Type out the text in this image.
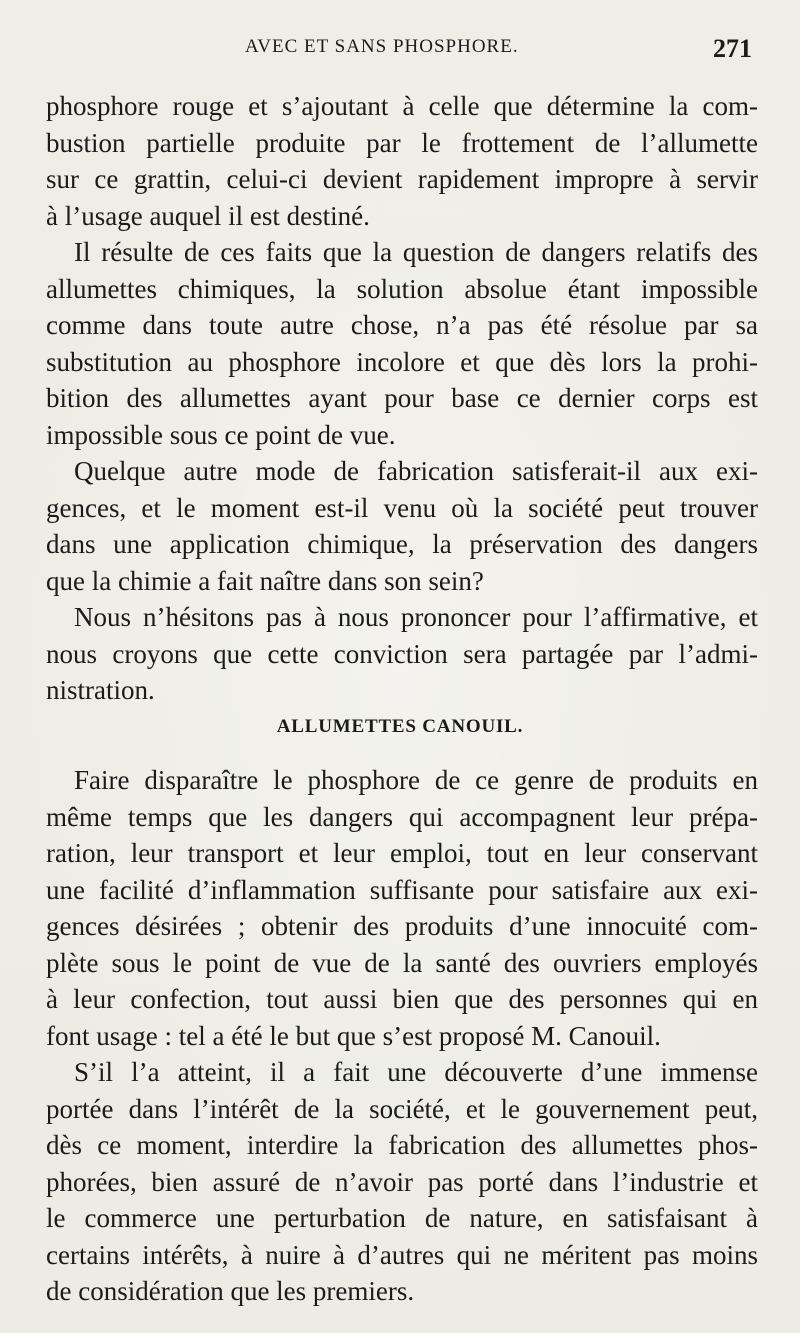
AVEC ET SANS PHOSPHORE.	271
phosphore rouge et s’ajoutant à celle que détermine la com-
bustion partielle produite par le frottement de l’allumette
sur ce grattin, celui-ci devient rapidement impropre à servir
à l’usage auquel il est destiné.
Il résulte de ces faits que la question de dangers relatifs des
allumettes chimiques, la solution absolue étant impossible
comme dans toute autre chose, n’a pas été résolue par sa
substitution au phosphore incolore et que dès lors la prohi-
bition des allumettes ayant pour base ce dernier corps est
impossible sous ce point de vue.
Quelque autre mode de fabrication satisferait-il aux exi-
gences, et le moment est-il venu où la société peut trouver
dans une application chimique, la préservation des dangers
que la chimie a fait naître dans son sein?
Nous n’hésitons pas à nous prononcer pour l’affirmative, et
nous croyons que cette conviction sera partagée par l’admi-
nistration.
ALLUMETTES CANOUIL.
Faire disparaître le phosphore de ce genre de produits en
même temps que les dangers qui accompagnent leur prépa-
ration, leur transport et leur emploi, tout en leur conservant
une facilité d’inflammation suffisante pour satisfaire aux exi-
gences désirées ; obtenir des produits d’une innocuité com-
plète sous le point de vue de la santé des ouvriers employés
à leur confection, tout aussi bien que des personnes qui en
font usage : tel a été le but que s’est proposé M. Canouil.
S’il l’a atteint, il a fait une découverte d’une immense
portée dans l’intérêt de la société, et le gouvernement peut,
dès ce moment, interdire la fabrication des allumettes phos-
phorées, bien assuré de n’avoir pas porté dans l’industrie et
le commerce une perturbation de nature, en satisfaisant à
certains intérêts, à nuire à d’autres qui ne méritent pas moins
de considération que les premiers.
